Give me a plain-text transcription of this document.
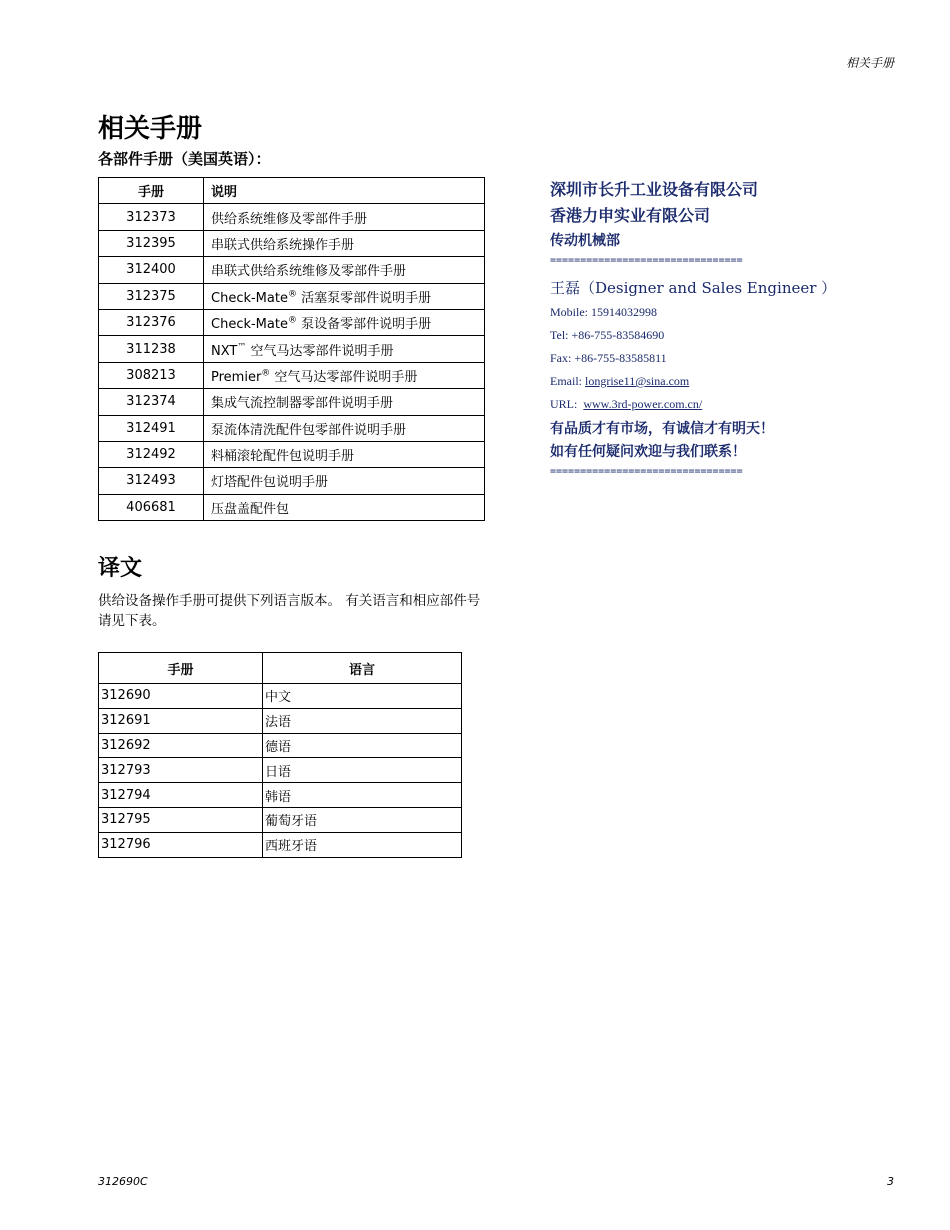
相关手册
相关手册
各部件手册（美国英语）：
手册	说明
312373	供给系统维修及零部件手册
312395	串联式供给系统操作手册
312400	串联式供给系统维修及零部件手册
312375	Check-Mate® 活塞泵零部件说明手册
312376	Check-Mate® 泵设备零部件说明手册
311238	NXT™ 空气马达零部件说明手册
308213	Premier® 空气马达零部件说明手册
312374	集成气流控制器零部件说明手册
312491	泵流体清洗配件包零部件说明手册
312492	料桶滚轮配件包说明手册
312493	灯塔配件包说明手册
406681	压盘盖配件包
译文
供给设备操作手册可提供下列语言版本。 有关语言和相应部件号请见下表。
手册	语言
312690	中文
312691	法语
312692	德语
312793	日语
312794	韩语
312795	葡萄牙语
312796	西班牙语
深圳市长升工业设备有限公司
香港力申实业有限公司
传动机械部
================================
王磊（Designer and Sales Engineer ）
Mobile: 15914032998
Tel: +86-755-83584690
Fax: +86-755-83585811
Email: longrise11@sina.com
URL:  www.3rd-power.com.cn/
有品质才有市场，有诚信才有明天！
如有任何疑问欢迎与我们联系！
================================
312690C	3
